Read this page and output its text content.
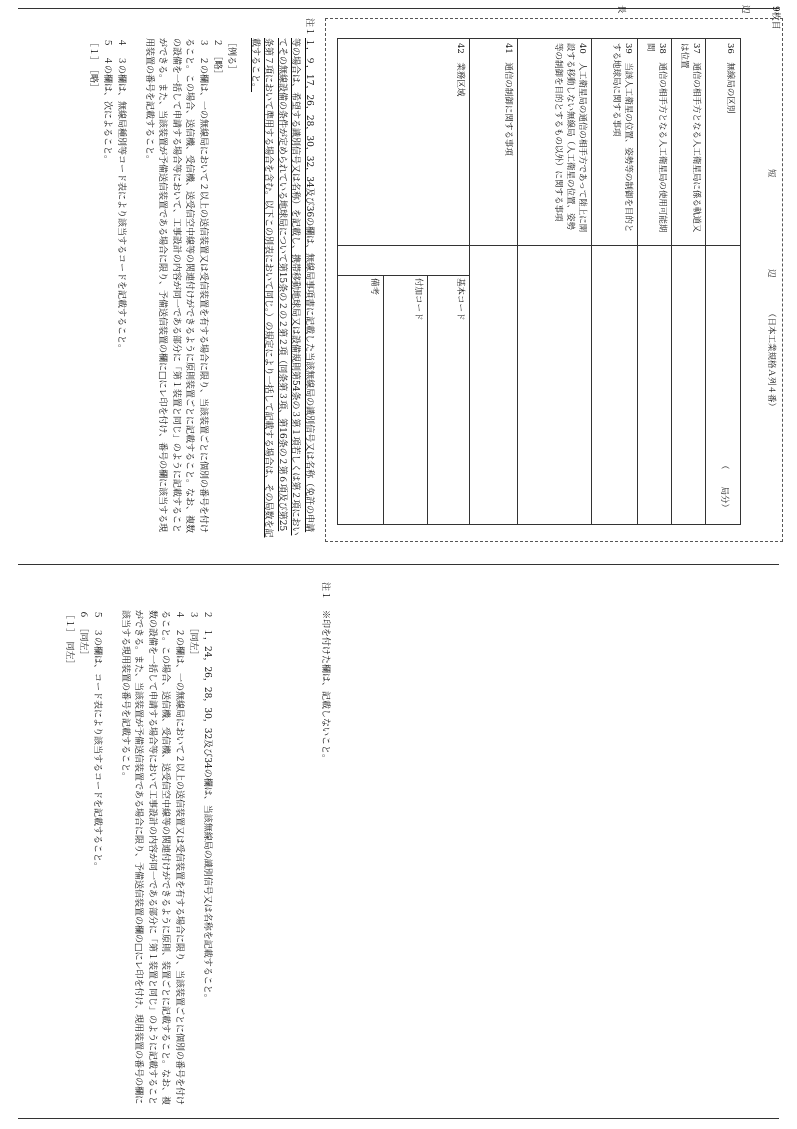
9枚目
長	辺
短
辺
（日本工業規格Ａ列４番）
36　無線局の区別
（　　局分）
37　通信の相手方となる人工衛星局に係る軌道又は位置
38　通信の相手方となる人工衛星局の使用可能期間
39　当該人工衛星の位置、姿勢等の制御を目的とする地球局に関する事項
40　人工衛星局の通信の相手方であって陸上に開設する移動しない無線局（人工衛星の位置、姿勢等の制御を目的とするもの以外）に関する事項
41　通信の制御に関する事項
42　業務区域
基本コード
付加コード
備考
注１
１，９，17，26，28，30，32，34及び36の欄は、無線局事項書に記載した当該無線局の識別信号又は名称（免許の申請等の場合は、希望する識別信号又は名称）を記載し、携帯移動地球局又は設備規則第54条の３第１項若しくは第２項においてその無線設備の条件が定められている地球局について第15条の２の２第２項（同条第３項、第16条の２第６項及び第25条第７項において準用する場合を含む。以下この別表において同じ。）の規定により一括して記載する場合は、その局数を記載すること。
［例る］
２　［略］
３　２の欄は、一の無線局において２以上の送信装置又は受信装置を有する場合に限り、当該装置ごとに個別の番号を付けること。この場合、送信機、受信機、送受信空中線等の関連付けができるように原則装置ごとに記載すること。なお、複数の設備を一括して申請する場合等において、工事設計の内容が同一である部分に「第１装置と同じ」のように記載することができる。また、当該装置が予備送信装置である場合に限り、予備送信装置の欄に□にレ印を付け、番号の欄に該当する現用装置の番号を記載すること。
４　３の欄は、無線局種別等コード表により該当するコードを記載すること。
５　４の欄は、次によること。
［１］　［略］
注１
※印を付けた欄は、記載しないこと。
２　１，24，26，28，30，32及び34の欄は、当該無線局の識別信号又は名称を記載すること。
３　［同左］
４　２の欄は、一の無線局において２以上の送信装置又は受信装置を有する場合に限り、当該装置ごとに個別の番号を付けること。この場合、送信機、受信機、送受信空中線等の関連付けができるように原則、装置ごとに記載すること。なお、複数の設備を一括して申請する場合等において工事設計の内容が同一である部分に「第１装置と同じ」のように記載することができる。また、当該装置が予備送信装置である場合に限り、予備送信装置の欄の□にレ印を付け、現用装置の番号の欄に該当する現用装置の番号を記載すること。
５　３の欄は、コード表により該当するコードを記載すること。
６　［同左］
［１］　同左］
